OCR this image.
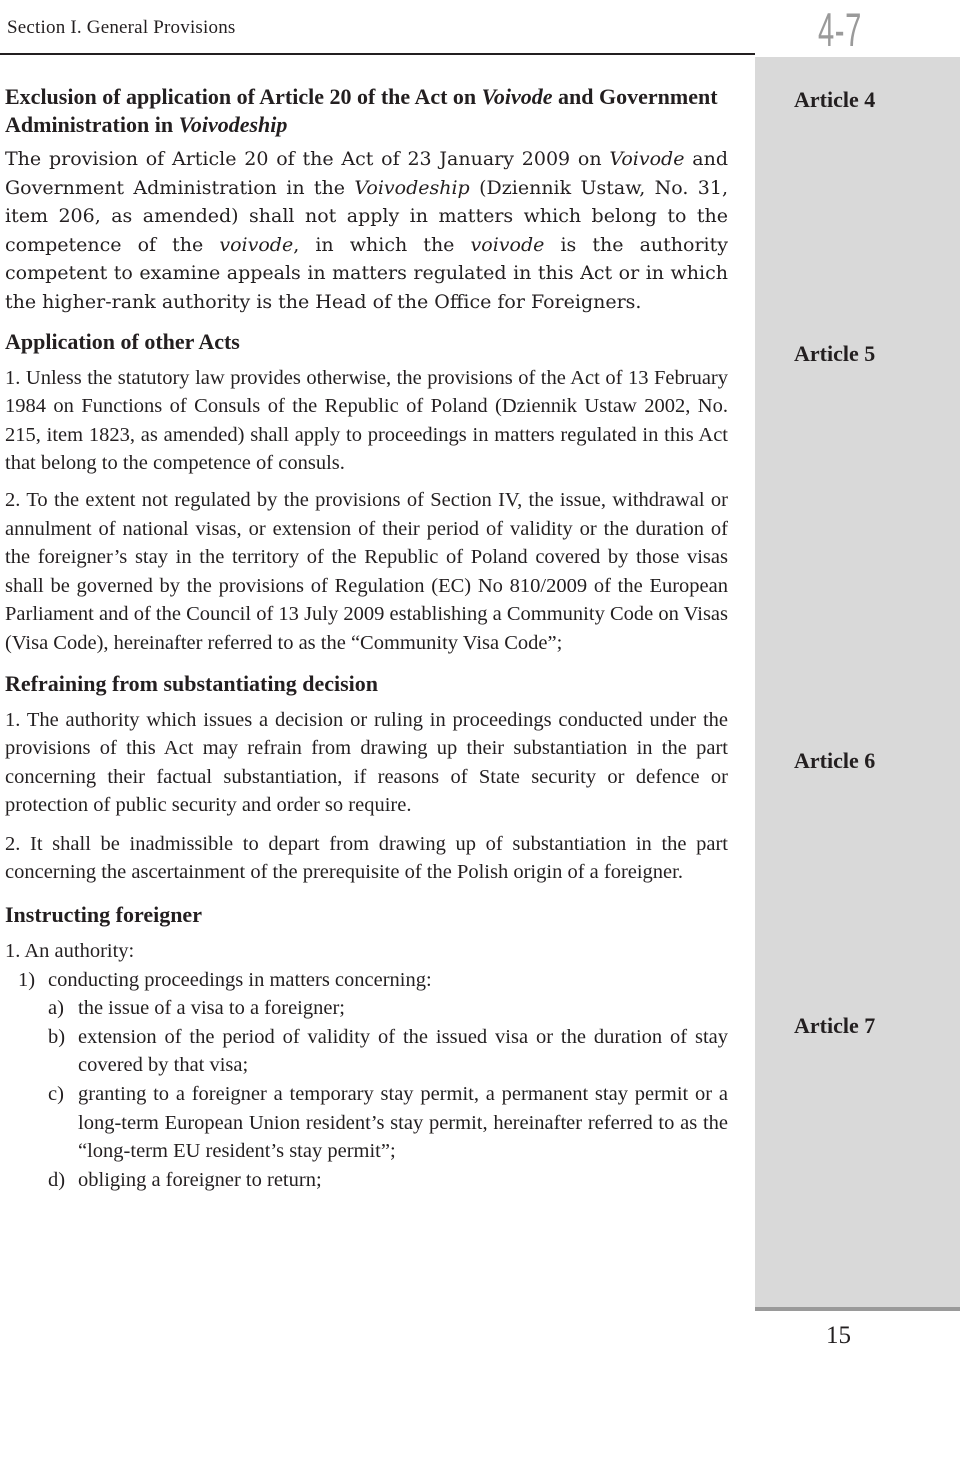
Section I. General Provisions	4-7
15
Article 4
Article 5
Article 6
Article 7
Exclusion of application of Article 20 of the Act on Voivode and Government Administration in Voivodeship

The provision of Article 20 of the Act of 23 January 2009 on Voivode and Government Administration in the Voivodeship (Dziennik Ustaw, No. 31, item 206, as amended) shall not apply in matters which belong to the competence of the voivode, in which the voivode is the authority competent to examine appeals in matters regulated in this Act or in which the higher-rank authority is the Head of the Office for Foreigners.

Application of other Acts

1. Unless the statutory law provides otherwise, the provisions of the Act of 13 February 1984 on Functions of Consuls of the Republic of Poland (Dziennik Ustaw 2002, No. 215, item 1823, as amended) shall apply to proceedings in matters regulated in this Act that belong to the competence of consuls.

2. To the extent not regulated by the provisions of Section IV, the issue, withdrawal or annulment of national visas, or extension of their period of validity or the duration of the foreigner’s stay in the territory of the Republic of Poland covered by those visas shall be governed by the provisions of Regulation (EC) No 810/2009 of the European Parliament and of the Council of 13 July 2009 establishing a Community Code on Visas (Visa Code), hereinafter referred to as the “Community Visa Code”;

Refraining from substantiating decision

1. The authority which issues a decision or ruling in proceedings conducted under the provisions of this Act may refrain from drawing up their substantiation in the part concerning their factual substantiation, if reasons of State security or defence or protection of public security and order so require.

2. It shall be inadmissible to depart from drawing up of substantiation in the part concerning the ascertainment of the prerequisite of the Polish origin of a foreigner.

Instructing foreigner

1. An authority:

1) conducting proceedings in matters concerning:
a) the issue of a visa to a foreigner;
b) extension of the period of validity of the issued visa or the duration of stay covered by that visa;
c) granting to a foreigner a temporary stay permit, a permanent stay permit or a long-term European Union resident’s stay permit, hereinafter referred to as the “long-term EU resident’s stay permit”;
d) obliging a foreigner to return;
